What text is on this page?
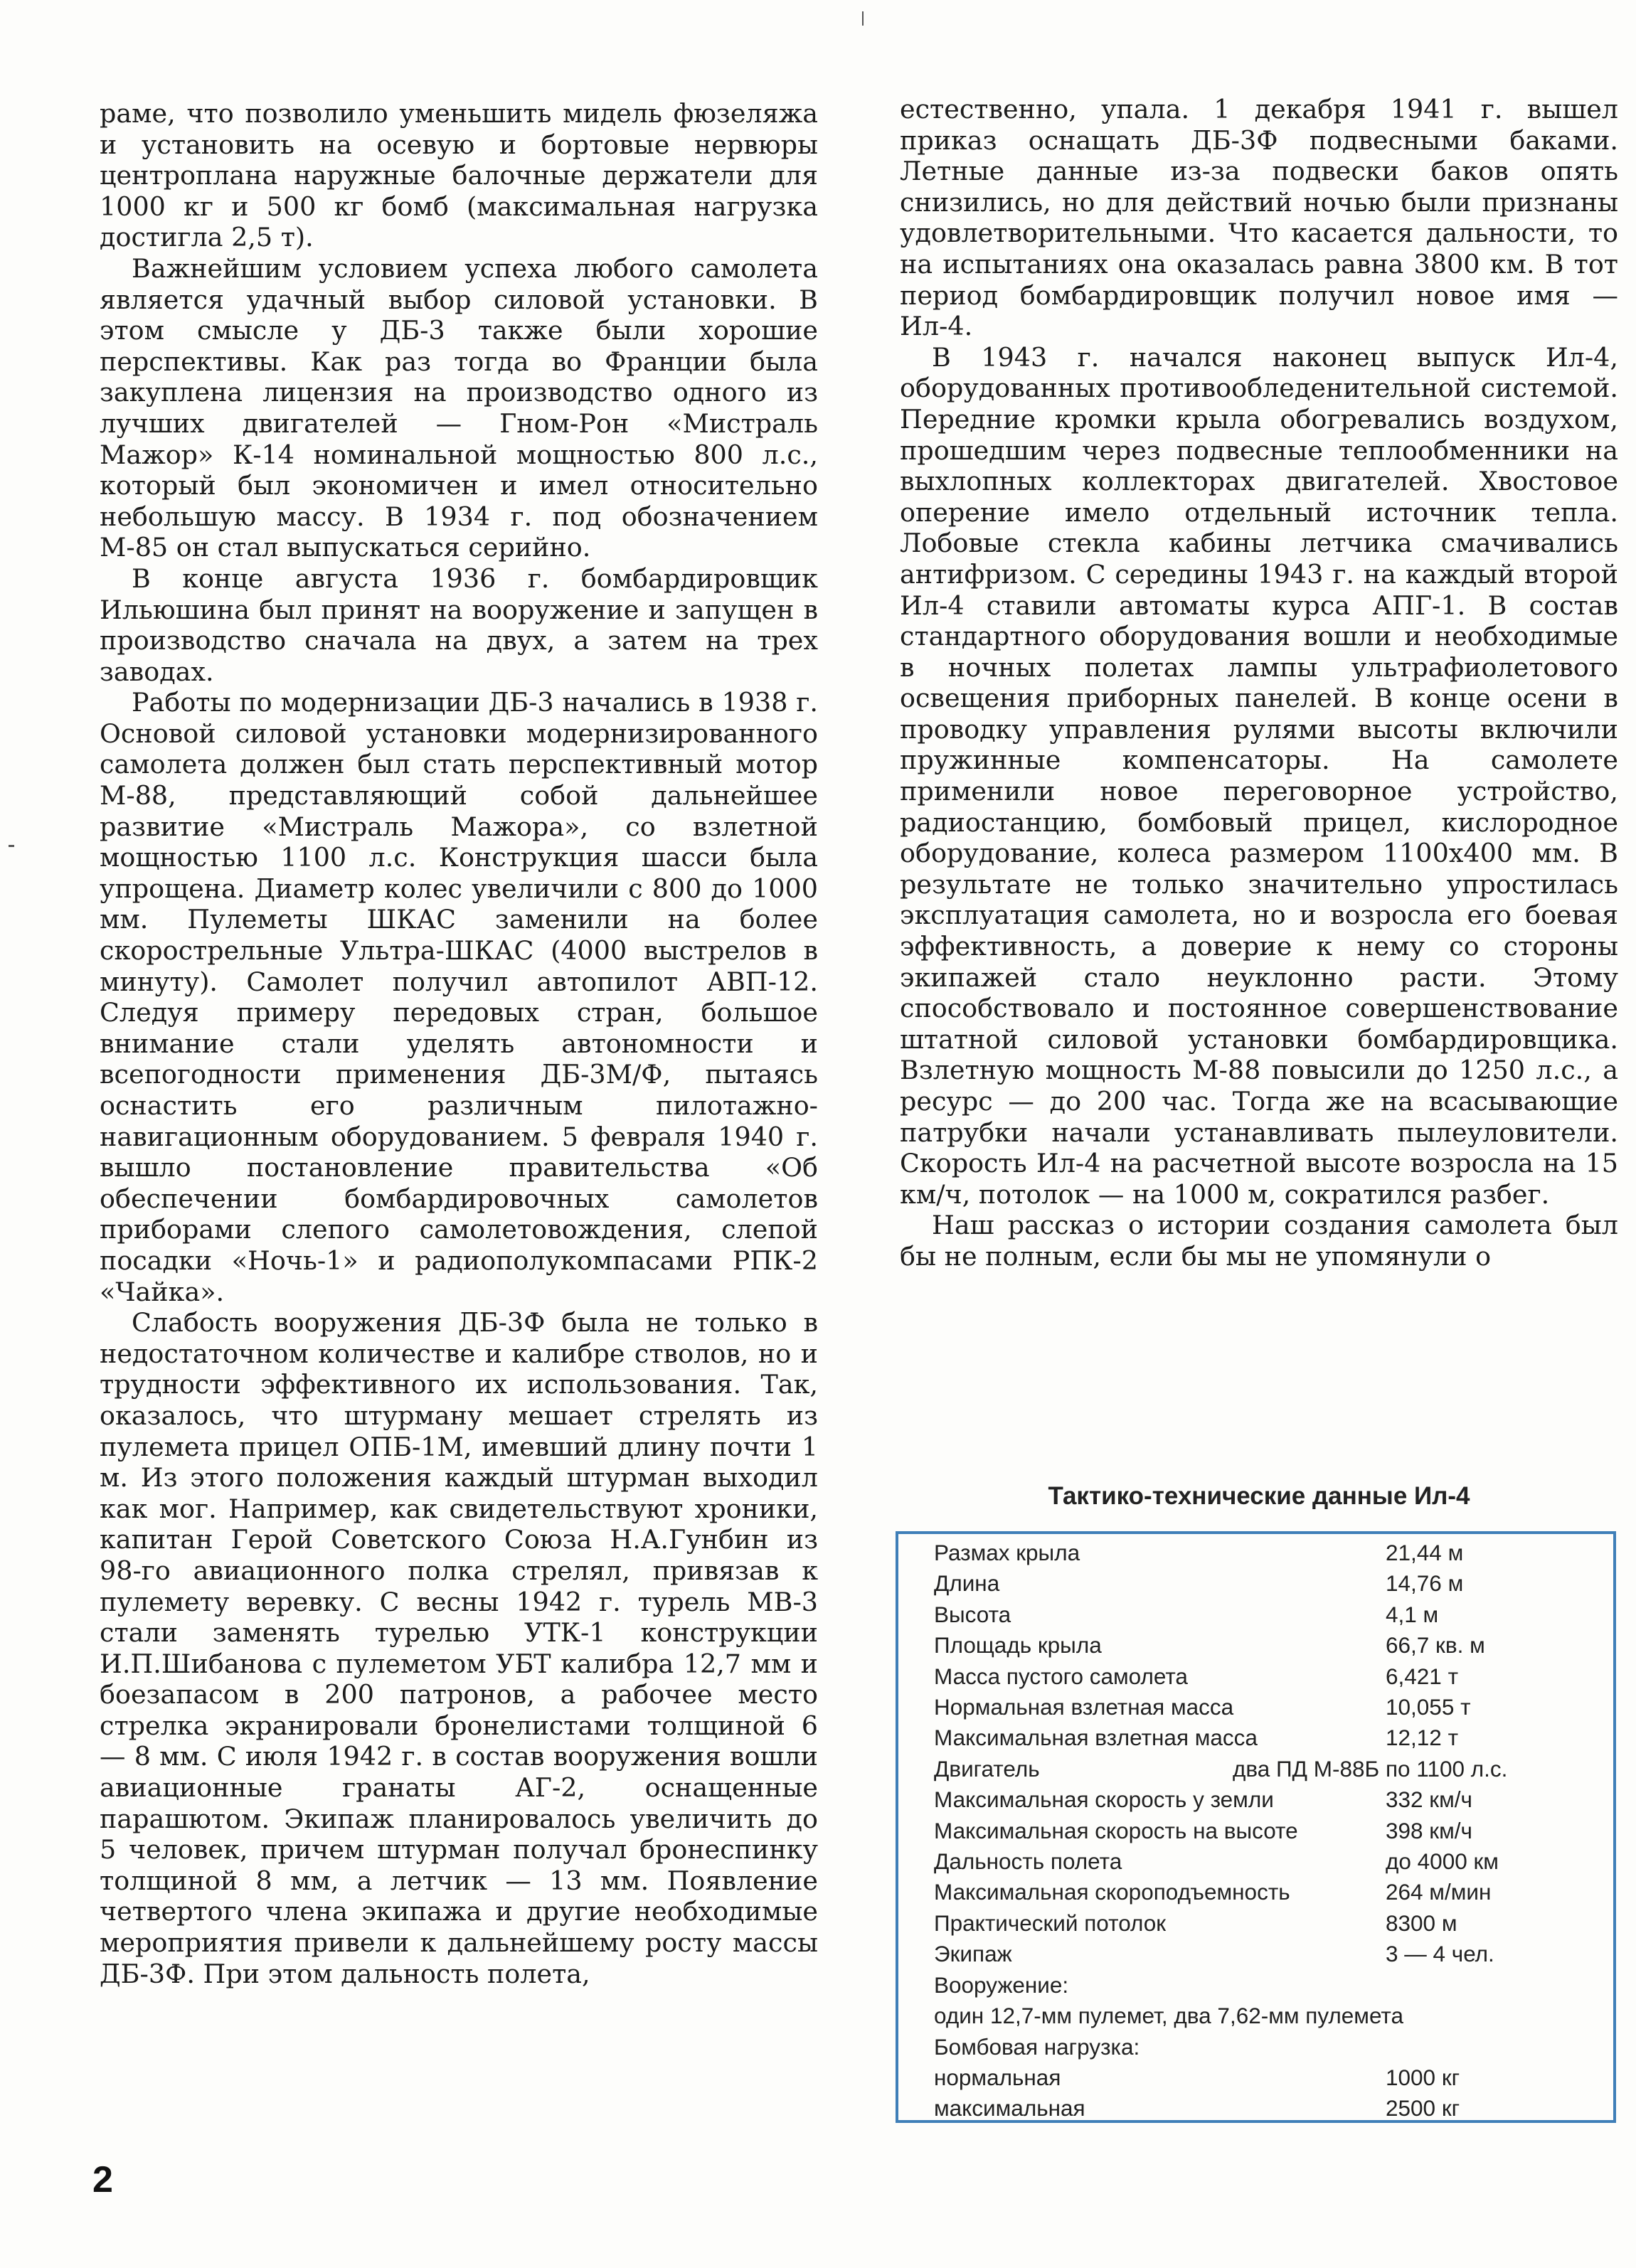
раме, что позволило уменьшить мидель фюзеляжа и установить на осевую и бортовые нервюры центроплана наружные балочные держатели для 1000 кг и 500 кг бомб (максимальная нагрузка достигла 2,5 т).

Важнейшим условием успеха любого самолета является удачный выбор силовой установки. В этом смысле у ДБ-3 также были хорошие перспективы. Как раз тогда во Франции была закуплена лицензия на производство одного из лучших двигателей — Гном-Рон «Мистраль Мажор» К-14 номинальной мощностью 800 л.с., который был экономичен и имел относительно небольшую массу. В 1934 г. под обозначением М-85 он стал выпускаться серийно.

В конце августа 1936 г. бомбардировщик Ильюшина был принят на вооружение и запущен в производство сначала на двух, а затем на трех заводах.

Работы по модернизации ДБ-3 начались в 1938 г. Основой силовой установки модернизированного самолета должен был стать перспективный мотор М-88, представляющий собой дальнейшее развитие «Мистраль Мажора», со взлетной мощностью 1100 л.с. Конструкция шасси была упрощена. Диаметр колес увеличили с 800 до 1000 мм. Пулеметы ШКАС заменили на более скорострельные Ультра-ШКАС (4000 выстрелов в минуту). Самолет получил автопилот АВП-12. Следуя примеру передовых стран, большое внимание стали уделять автономности и всепогодности применения ДБ-3М/Ф, пытаясь оснастить его различным пилотажно-навигационным оборудованием. 5 февраля 1940 г. вышло постановление правительства «Об обеспечении бомбардировочных самолетов приборами слепого самолетовождения, слепой посадки «Ночь-1» и радиополукомпасами РПК-2 «Чайка».

Слабость вооружения ДБ-3Ф была не только в недостаточном количестве и калибре стволов, но и трудности эффективного их использования. Так, оказалось, что штурману мешает стрелять из пулемета прицел ОПБ-1М, имевший длину почти 1 м. Из этого положения каждый штурман выходил как мог. Например, как свидетельствуют хроники, капитан Герой Советского Союза Н.А.Гунбин из 98-го авиационного полка стрелял, привязав к пулемету веревку. С весны 1942 г. турель МВ-3 стали заменять турелью УТК-1 конструкции И.П.Шибанова с пулеметом УБТ калибра 12,7 мм и боезапасом в 200 патронов, а рабочее место стрелка экранировали бронелистами толщиной 6 — 8 мм. С июля 1942 г. в состав вооружения вошли авиационные гранаты АГ-2, оснащенные парашютом. Экипаж планировалось увеличить до 5 человек, причем штурман получал бронеспинку толщиной 8 мм, а летчик — 13 мм. Появление четвертого члена экипажа и другие необходимые мероприятия привели к дальнейшему росту массы ДБ-3Ф. При этом дальность полета,

естественно, упала. 1 декабря 1941 г. вышел приказ оснащать ДБ-3Ф подвесными баками. Летные данные из-за подвески баков опять снизились, но для действий ночью были признаны удовлетворительными. Что касается дальности, то на испытаниях она оказалась равна 3800 км. В тот период бомбардировщик получил новое имя — Ил-4.

В 1943 г. начался наконец выпуск Ил-4, оборудованных противообледенительной системой. Передние кромки крыла обогревались воздухом, прошедшим через подвесные теплообменники на выхлопных коллекторах двигателей. Хвостовое оперение имело отдельный источник тепла. Лобовые стекла кабины летчика смачивались антифризом. С середины 1943 г. на каждый второй Ил-4 ставили автоматы курса АПГ-1. В состав стандартного оборудования вошли и необходимые в ночных полетах лампы ультрафиолетового освещения приборных панелей. В конце осени в проводку управления рулями высоты включили пружинные компенсаторы. На самолете применили новое переговорное устройство, радиостанцию, бомбовый прицел, кислородное оборудование, колеса размером 1100x400 мм. В результате не только значительно упростилась эксплуатация самолета, но и возросла его боевая эффективность, а доверие к нему со стороны экипажей стало неуклонно расти. Этому способствовало и постоянное совершенствование штатной силовой установки бомбардировщика. Взлетную мощность М-88 повысили до 1250 л.с., а ресурс — до 200 час. Тогда же на всасывающие патрубки начали устанавливать пылеуловители. Скорость Ил-4 на расчетной высоте возросла на 15 км/ч, потолок — на 1000 м, сократился разбег.

Наш рассказ о истории создания самолета был бы не полным, если бы мы не упомянули о

Тактико-технические данные Ил-4
Размах крыла	21,44 м
Длина	14,76 м
Высота	4,1 м
Площадь крыла	66,7 кв. м
Масса пустого самолета	6,421 т
Нормальная взлетная масса	10,055 т
Максимальная взлетная масса	12,12 т
Двигатель	два ПД М-88Б по 1100 л.с.
Максимальная скорость у земли	332 км/ч
Максимальная скорость на высоте	398 км/ч
Дальность полета	до 4000 км
Максимальная скороподъемность	264 м/мин
Практический потолок	8300 м
Экипаж	3 — 4 чел.
Вооружение:
один 12,7-мм пулемет, два 7,62-мм пулемета
Бомбовая нагрузка:
нормальная	1000 кг
максимальная	2500 кг
2
